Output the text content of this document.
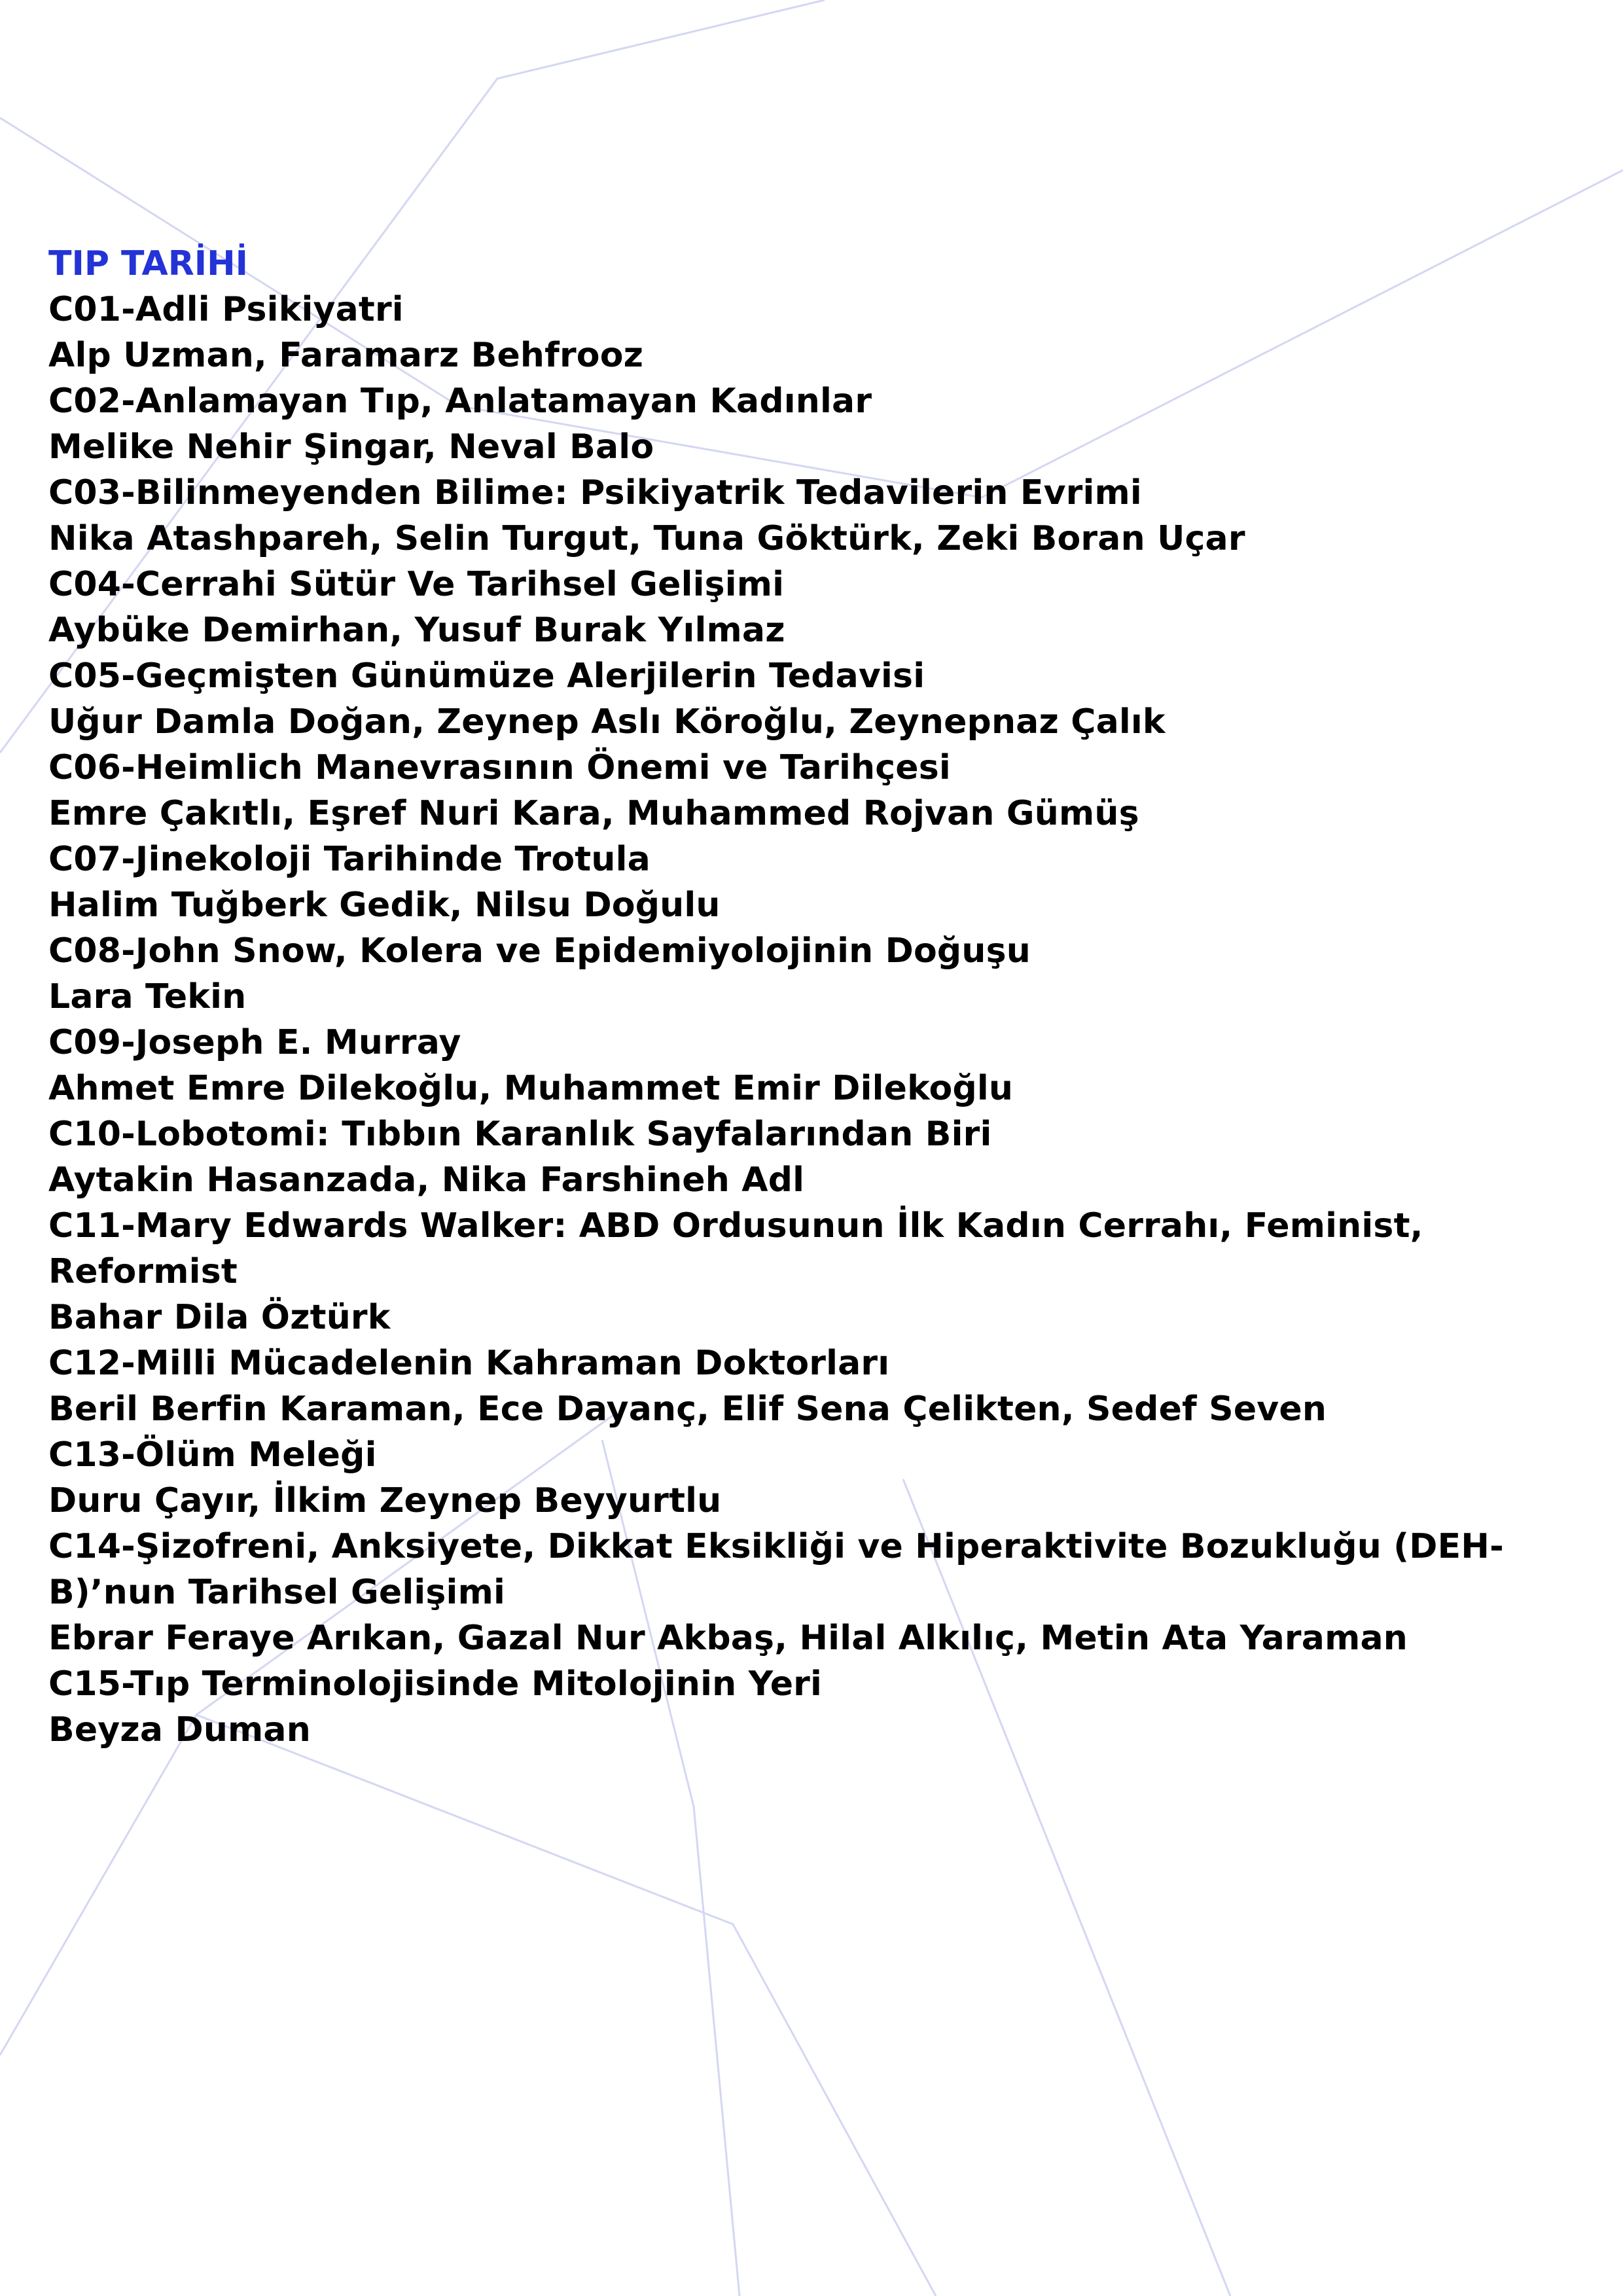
TIP TARİHİ
C01-Adli Psikiyatri
Alp Uzman, Faramarz Behfrooz
C02-Anlamayan Tıp, Anlatamayan Kadınlar
Melike Nehir Şingar, Neval Balo
C03-Bilinmeyenden Bilime: Psikiyatrik Tedavilerin Evrimi
Nika Atashpareh, Selin Turgut, Tuna Göktürk, Zeki Boran Uçar
C04-Cerrahi Sütür Ve Tarihsel Gelişimi
Aybüke Demirhan, Yusuf Burak Yılmaz
C05-Geçmişten Günümüze Alerjilerin Tedavisi
Uğur Damla Doğan, Zeynep Aslı Köroğlu, Zeynepnaz Çalık
C06-Heimlich Manevrasının Önemi ve Tarihçesi
Emre Çakıtlı, Eşref Nuri Kara, Muhammed Rojvan Gümüş
C07-Jinekoloji Tarihinde Trotula
Halim Tuğberk Gedik, Nilsu Doğulu
C08-John Snow, Kolera ve Epidemiyolojinin Doğuşu
Lara Tekin
C09-Joseph E. Murray
Ahmet Emre Dilekoğlu, Muhammet Emir Dilekoğlu
C10-Lobotomi: Tıbbın Karanlık Sayfalarından Biri
Aytakin Hasanzada, Nika Farshineh Adl
C11-Mary Edwards Walker: ABD Ordusunun İlk Kadın Cerrahı, Feminist, Reformist
Bahar Dila Öztürk
C12-Milli Mücadelenin Kahraman Doktorları
Beril Berfin Karaman, Ece Dayanç, Elif Sena Çelikten, Sedef Seven
C13-Ölüm Meleği
Duru Çayır, İlkim Zeynep Beyyurtlu
C14-Şizofreni, Anksiyete, Dikkat Eksikliği ve Hiperaktivite Bozukluğu (DEH-B)’nun Tarihsel Gelişimi
Ebrar Feraye Arıkan, Gazal Nur Akbaş, Hilal Alkılıç, Metin Ata Yaraman
C15-Tıp Terminolojisinde Mitolojinin Yeri
Beyza Duman
